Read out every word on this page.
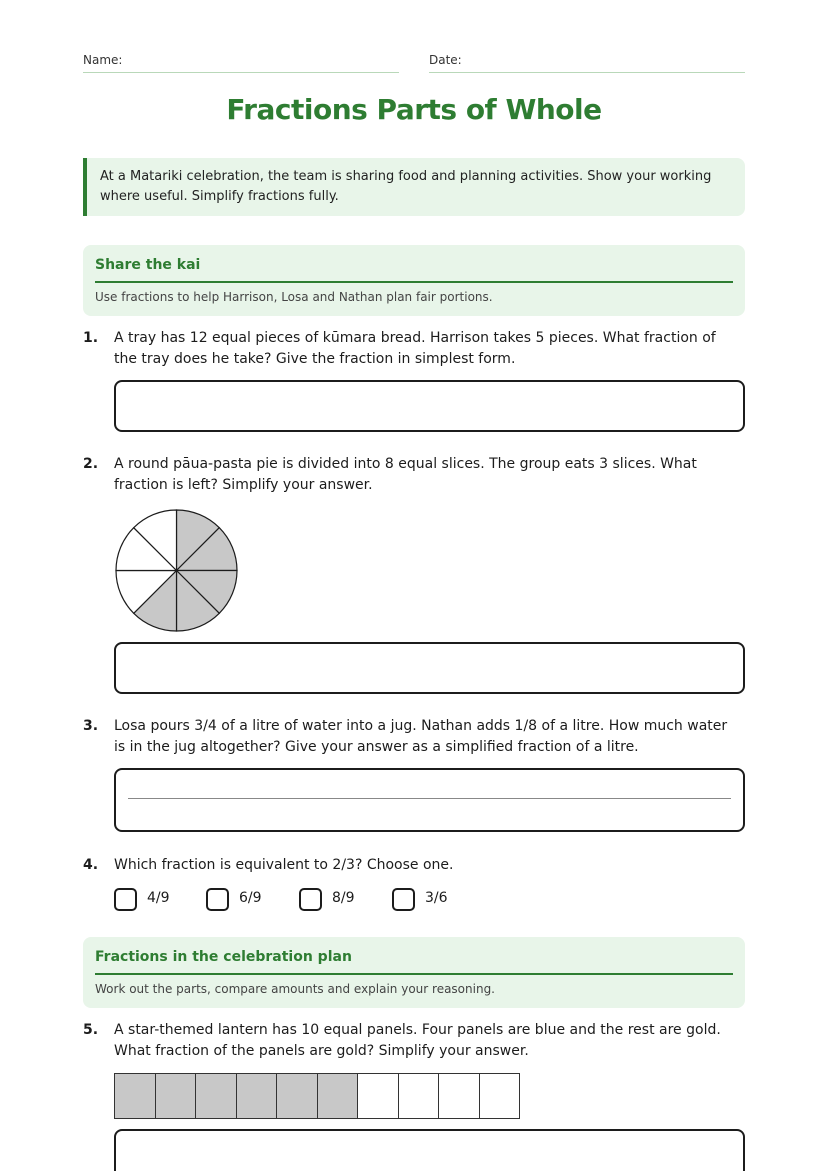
Name:	Date:
Fractions Parts of Whole
At a Matariki celebration, the team is sharing food and planning activities. Show your working where useful. Simplify fractions fully.
Share the kai
Use fractions to help Harrison, Losa and Nathan plan fair portions.
1. A tray has 12 equal pieces of kūmara bread. Harrison takes 5 pieces. What fraction of the tray does he take? Give the fraction in simplest form.
2. A round pāua-pasta pie is divided into 8 equal slices. The group eats 3 slices. What fraction is left? Simplify your answer.
3. Losa pours 3/4 of a litre of water into a jug. Nathan adds 1/8 of a litre. How much water is in the jug altogether? Give your answer as a simplified fraction of a litre.
4. Which fraction is equivalent to 2/3? Choose one.
4/9	6/9	8/9	3/6
Fractions in the celebration plan
Work out the parts, compare amounts and explain your reasoning.
5. A star-themed lantern has 10 equal panels. Four panels are blue and the rest are gold. What fraction of the panels are gold? Simplify your answer.
